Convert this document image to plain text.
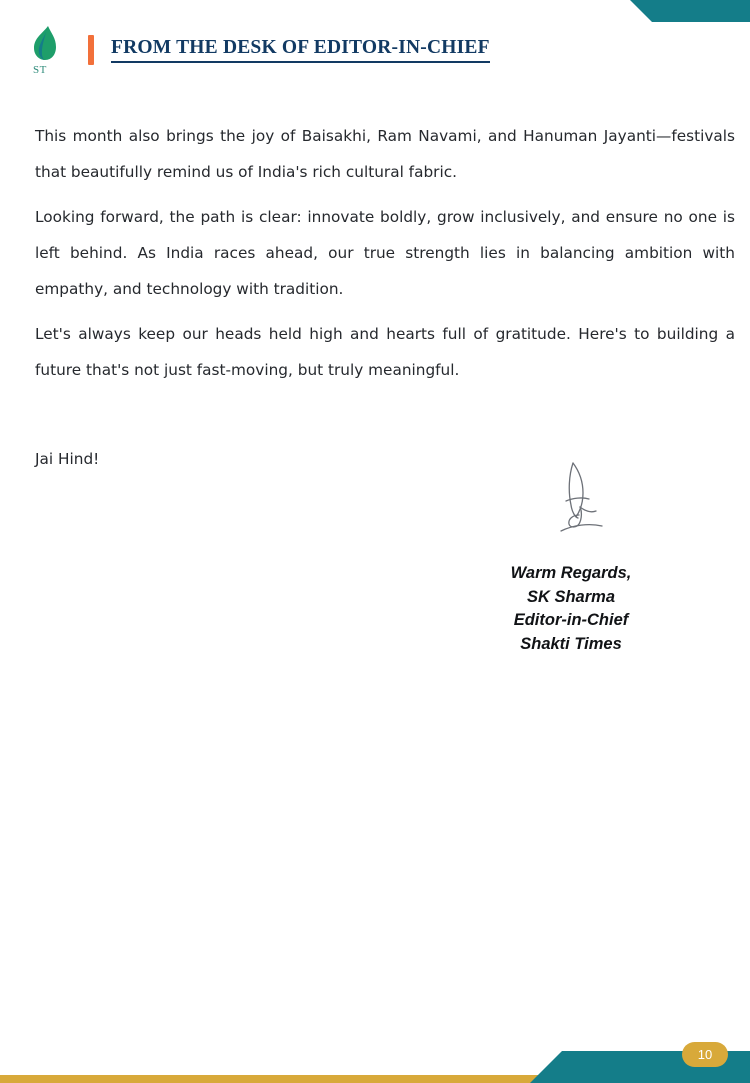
ST
FROM THE DESK OF EDITOR-IN-CHIEF

This month also brings the joy of Baisakhi, Ram Navami, and Hanuman Jayanti—festivals that beautifully remind us of India's rich cultural fabric.

Looking forward, the path is clear: innovate boldly, grow inclusively, and ensure no one is left behind. As India races ahead, our true strength lies in balancing ambition with empathy, and technology with tradition.

Let's always keep our heads held high and hearts full of gratitude. Here's to building a future that's not just fast-moving, but truly meaningful.

Jai Hind!

Warm Regards,
SK Sharma
Editor-in-Chief
Shakti Times
10
